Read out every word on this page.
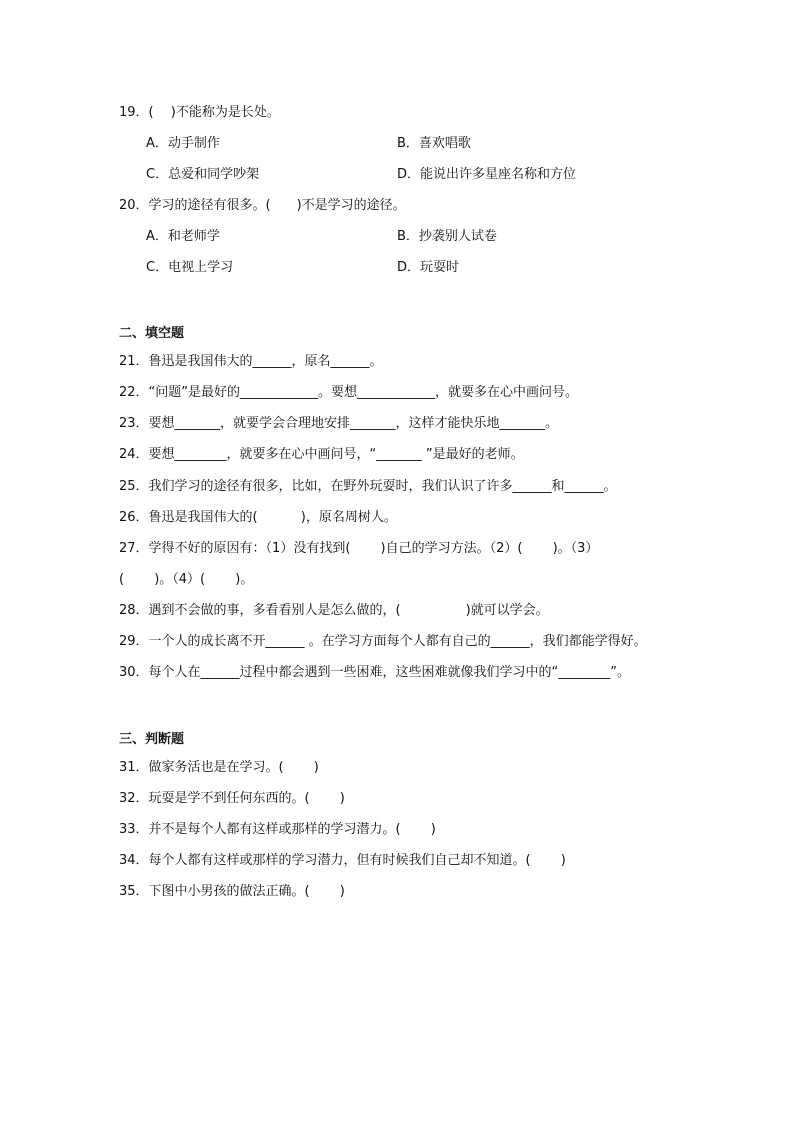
19．(　 )不能称为是长处。
A．动手制作	B．喜欢唱歌
C．总爱和同学吵架	D．能说出许多星座名称和方位
20．学习的途径有很多。(　　)不是学习的途径。
A．和老师学	B．抄袭别人试卷
C．电视上学习	D．玩耍时
二、填空题
21．鲁迅是我国伟大的______，原名______。
22．“问题”是最好的____________。要想____________，就要多在心中画问号。
23．要想_______，就要学会合理地安排_______，这样才能快乐地_______。
24．要想________，就要多在心中画问号，“_______ ”是最好的老师。
25．我们学习的途径有很多，比如，在野外玩耍时，我们认识了许多______和______。
26．鲁迅是我国伟大的(　　　 )，原名周树人。
27．学得不好的原因有：（1）没有找到(　　 )自己的学习方法。（2）(　　 )。（3）
(　　 )。（4）(　　 )。
28．遇到不会做的事，多看看别人是怎么做的，(　　　　　)就可以学会。
29．一个人的成长离不开______ 。在学习方面每个人都有自己的______，我们都能学得好。
30．每个人在______过程中都会遇到一些困难，这些困难就像我们学习中的“________”。
三、判断题
31．做家务活也是在学习。(　　 )
32．玩耍是学不到任何东西的。(　　 )
33．并不是每个人都有这样或那样的学习潜力。(　　 )
34．每个人都有这样或那样的学习潜力，但有时候我们自己却不知道。(　　 )
35．下图中小男孩的做法正确。(　　 )
